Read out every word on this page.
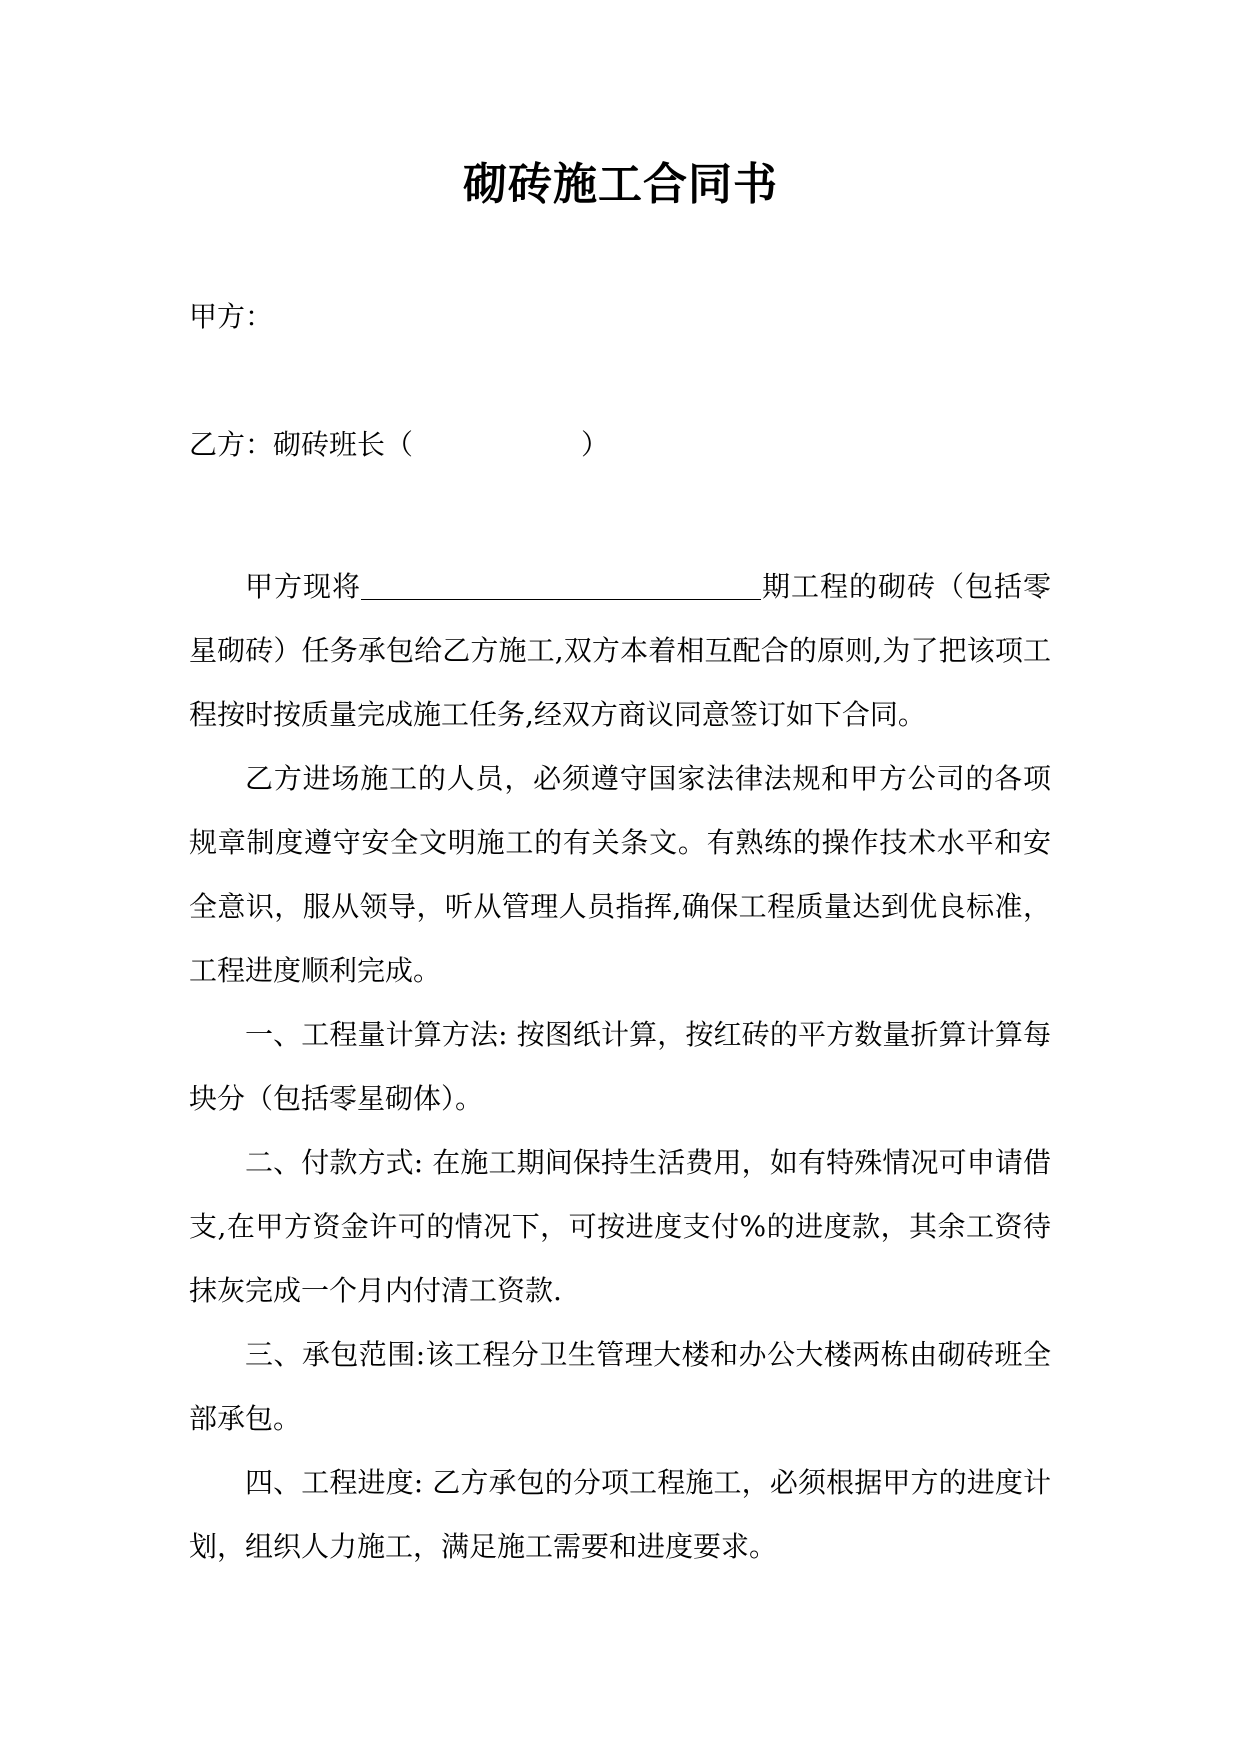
砌砖施工合同书
甲方：
乙方：砌砖班长（　　　　　　）

甲方现将	期工程的砌砖（包括零星砌砖）任务承包给乙方施工,双方本着相互配合的原则,为了把该项工程按时按质量完成施工任务,经双方商议同意签订如下合同。

乙方进场施工的人员，必须遵守国家法律法规和甲方公司的各项规章制度遵守安全文明施工的有关条文。有熟练的操作技术水平和安全意识，服从领导，听从管理人员指挥,确保工程质量达到优良标准，工程进度顺利完成。

一、工程量计算方法: 按图纸计算，按红砖的平方数量折算计算每块分（包括零星砌体）。

二、付款方式: 在施工期间保持生活费用，如有特殊情况可申请借支,在甲方资金许可的情况下，可按进度支付%的进度款，其余工资待抹灰完成一个月内付清工资款.

三、承包范围:该工程分卫生管理大楼和办公大楼两栋由砌砖班全部承包。

四、工程进度: 乙方承包的分项工程施工，必须根据甲方的进度计划，组织人力施工，满足施工需要和进度要求。
